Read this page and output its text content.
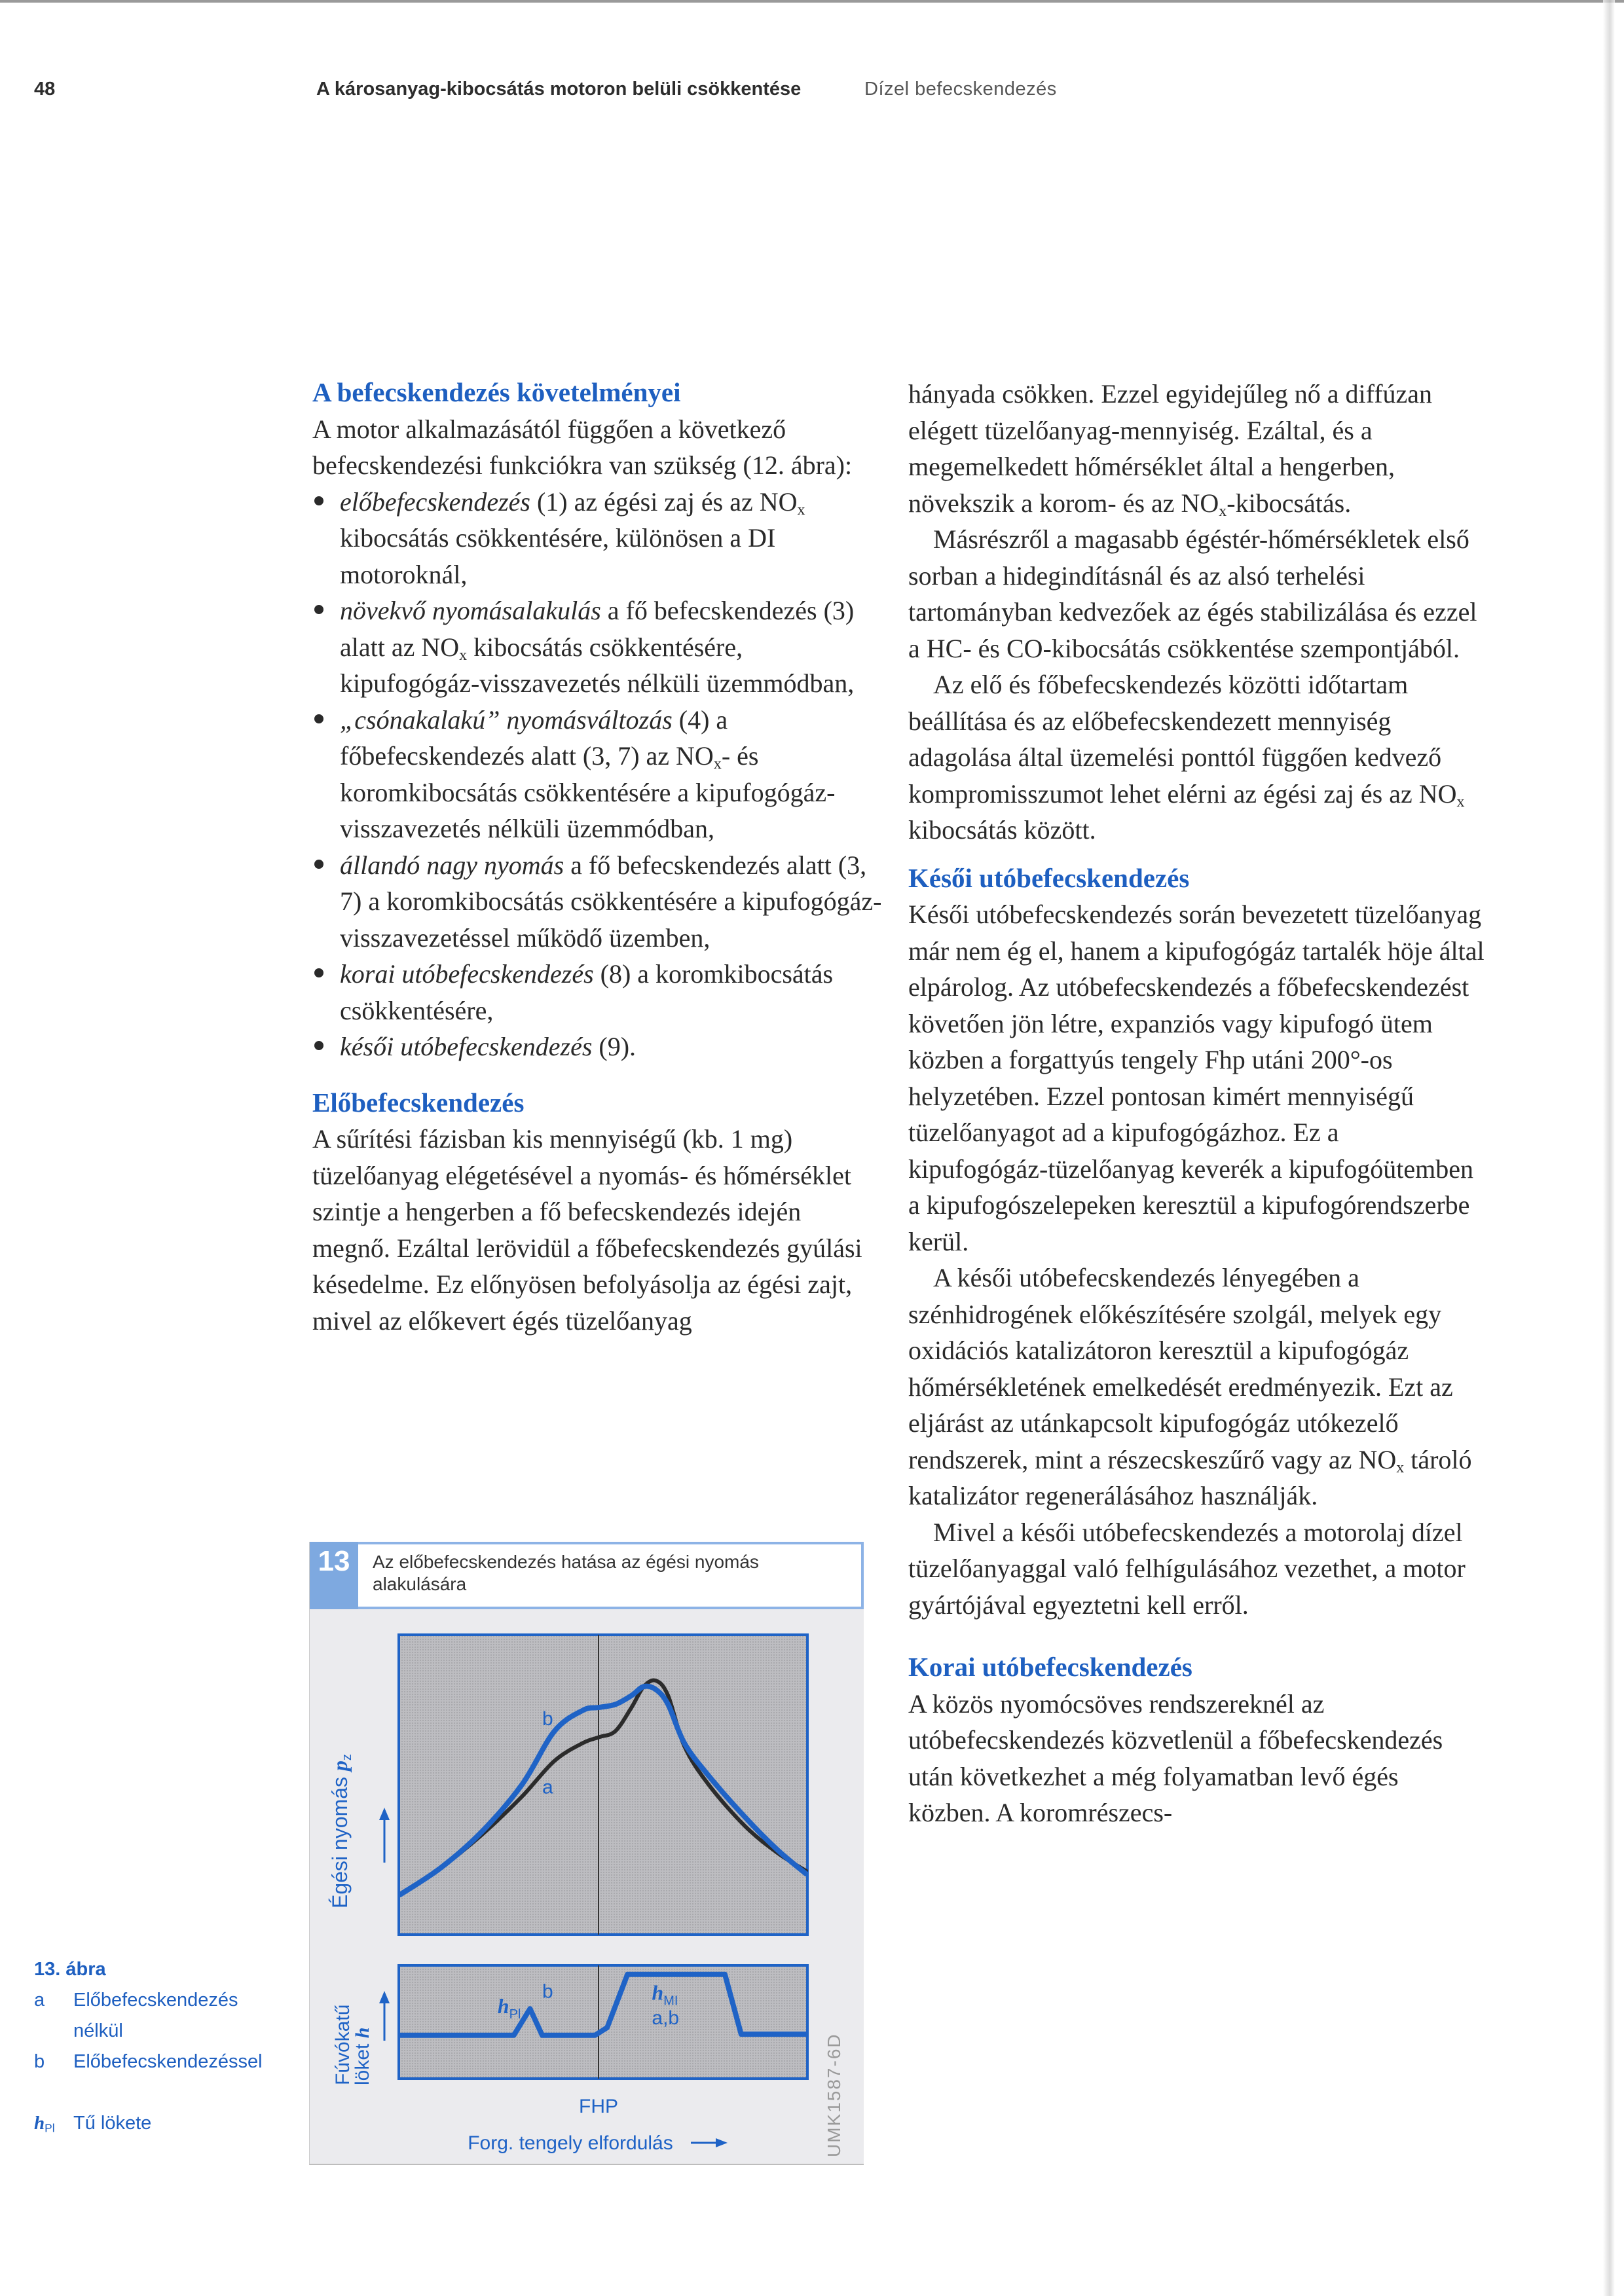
48	A károsanyag-kibocsátás motoron belüli csökkentése	Dízel befecskendezés
A befecskendezés követelményei

A motor alkalmazásától függően a következő befecskendezési funkciókra van szükség (12. ábra):

előbefecskendezés (1) az égési zaj és az $NO_x$ kibocsátás csökkentésére, különösen a DI motoroknál,
növekvő nyomásalakulás a fő befecskendezés (3) alatt az $NO_x$ kibocsátás csökkentésére, kipufogógáz-visszavezetés nélküli üzemmódban,
„csónakalakú” nyomásváltozás (4) a főbefecskendezés alatt (3, 7) az $NO_x-$ és koromkibocsátás csökkentésére a kipufogógáz-visszavezetés nélküli üzemmódban,
állandó nagy nyomás a fő befecskendezés alatt (3, 7) a koromkibocsátás csökkentésére a kipufogógáz-visszavezetéssel működő üzemben,
korai utóbefecskendezés (8) a koromkibocsátás csökkentésére,
késői utóbefecskendezés (9).
Előbefecskendezés

A sűrítési fázisban kis mennyiségű (kb. 1 mg) tüzelőanyag elégetésével a nyomás- és hőmérséklet szintje a hengerben a fő befecskendezés idején megnő. Ezáltal lerövidül a főbefecskendezés gyúlási késedelme. Ez előnyösen befolyásolja az égési zajt, mivel az előkevert égés tüzelőanyag

hányada csökken. Ezzel egyidejűleg nő a diffúzan elégett tüzelőanyag-mennyiség. Ezáltal, és a megemelkedett hőmérséklet által a hengerben, növekszik a korom- és az $NO_x$-kibocsátás.

Másrészről a magasabb égéstér-hőmérsékletek első sorban a hidegindításnál és az alsó terhelési tartományban kedvezőek az égés stabilizálása és ezzel a HC- és CO-kibocsátás csökkentése szempontjából.

Az elő és főbefecskendezés közötti időtartam beállítása és az előbefecskendezett mennyiség adagolása által üzemelési ponttól függően kedvező kompromisszumot lehet elérni az égési zaj és az $NO_x$ kibocsátás között.

Késői utóbefecskendezés

Késői utóbefecskendezés során bevezetett tüzelőanyag már nem ég el, hanem a kipufogógáz tartalék höje által elpárolog. Az utóbefecskendezés a főbefecskendezést követően jön létre, expanziós vagy kipufogó ütem közben a forgattyús tengely Fhp utáni 200°-os helyzetében. Ezzel pontosan kimért mennyiségű tüzelőanyagot ad a kipufogógázhoz. Ez a kipufogógáz-tüzelőanyag keverék a kipufogóütemben a kipufogószelepeken keresztül a kipufogórendszerbe kerül.

A késői utóbefecskendezés lényegében a szénhidrogének előkészítésére szolgál, melyek egy oxidációs katalizátoron keresztül a kipufogógáz hőmérsékletének emelkedését eredményezik. Ezt az eljárást az utánkapcsolt kipufogógáz utókezelő rendszerek, mint a részecskeszűrő vagy az $NO_x$ tároló katalizátor regenerálásához használják.

Mivel a késői utóbefecskendezés a motorolaj dízel tüzelőanyaggal való felhígulásához vezethet, a motor gyártójával egyeztetni kell erről.

Korai utóbefecskendezés

A közös nyomócsöves rendszereknél az utóbefecskendezés közvetlenül a főbefecskendezés után következhet a még folyamatban levő égés közben. A koromrészecs-

13	Az előbefecskendezés hatása az égési nyomás alakulására
b
a
$h_{Pl}$
b	$h_{MI}$
a,b
Égési nyomás pz
Fúvókatű
löket h
FHP
Forg. tengely elfordulás	UMK1587-6D
13. ábra
a Előbefecskendezés nélkül
b Előbefecskendezéssel
$h_{Pl}$ Tű lökete
